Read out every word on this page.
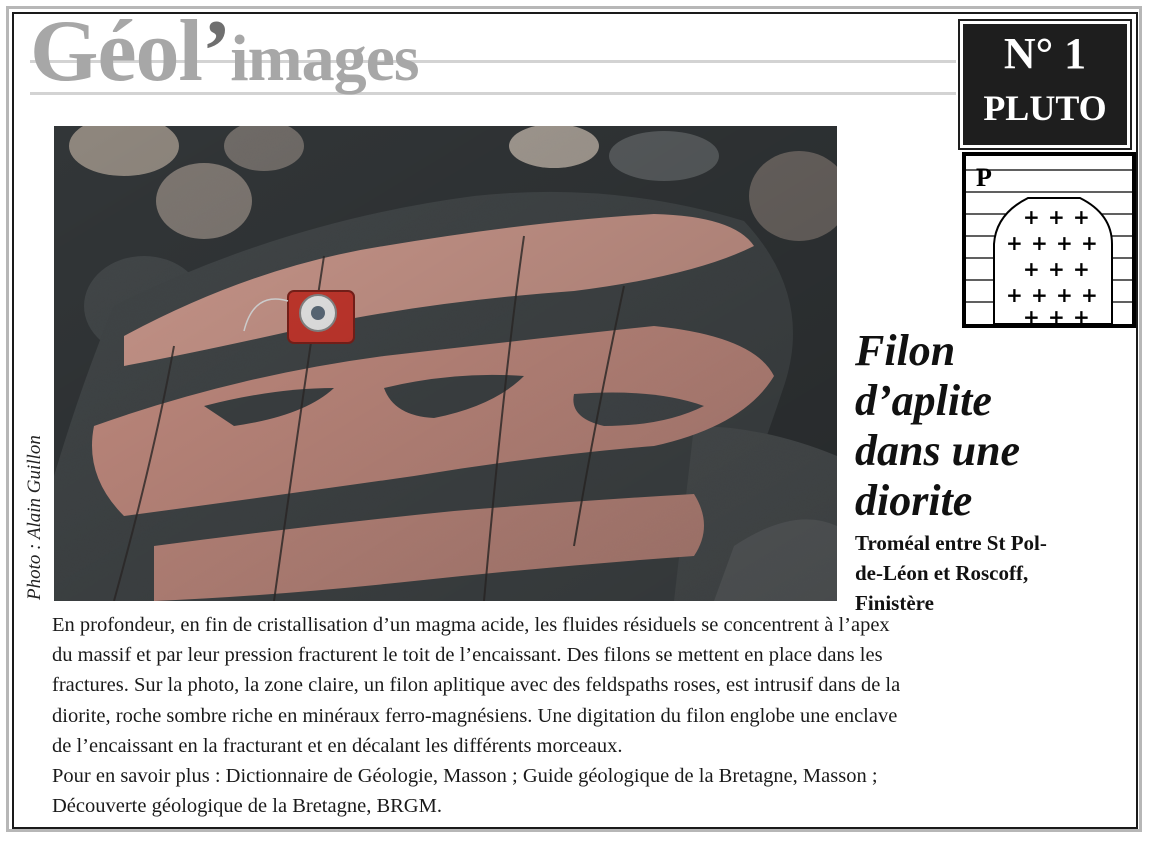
Géol’images	N° 1
PLUTO
+ + +
+ + + +
+ + +
+ + + +
+ + +
P
Photo : Alain Guillon
Filon
d’aplite
dans une
diorite

Troméal entre St Pol-
de-Léon et Roscoff,
Finistère

En profondeur, en fin de cristallisation d’un magma acide, les fluides résiduels se concentrent à l’apex
du massif et par leur pression fracturent le toit de l’encaissant. Des filons se mettent en place dans les
fractures. Sur la photo, la zone claire, un filon aplitique avec des feldspaths roses, est intrusif dans de la
diorite, roche sombre riche en minéraux ferro-magnésiens. Une digitation du filon englobe une enclave
de l’encaissant en la fracturant et en décalant les différents morceaux.
Pour en savoir plus : Dictionnaire de Géologie, Masson ; Guide géologique de la Bretagne, Masson ;
Découverte géologique de la Bretagne, BRGM.
